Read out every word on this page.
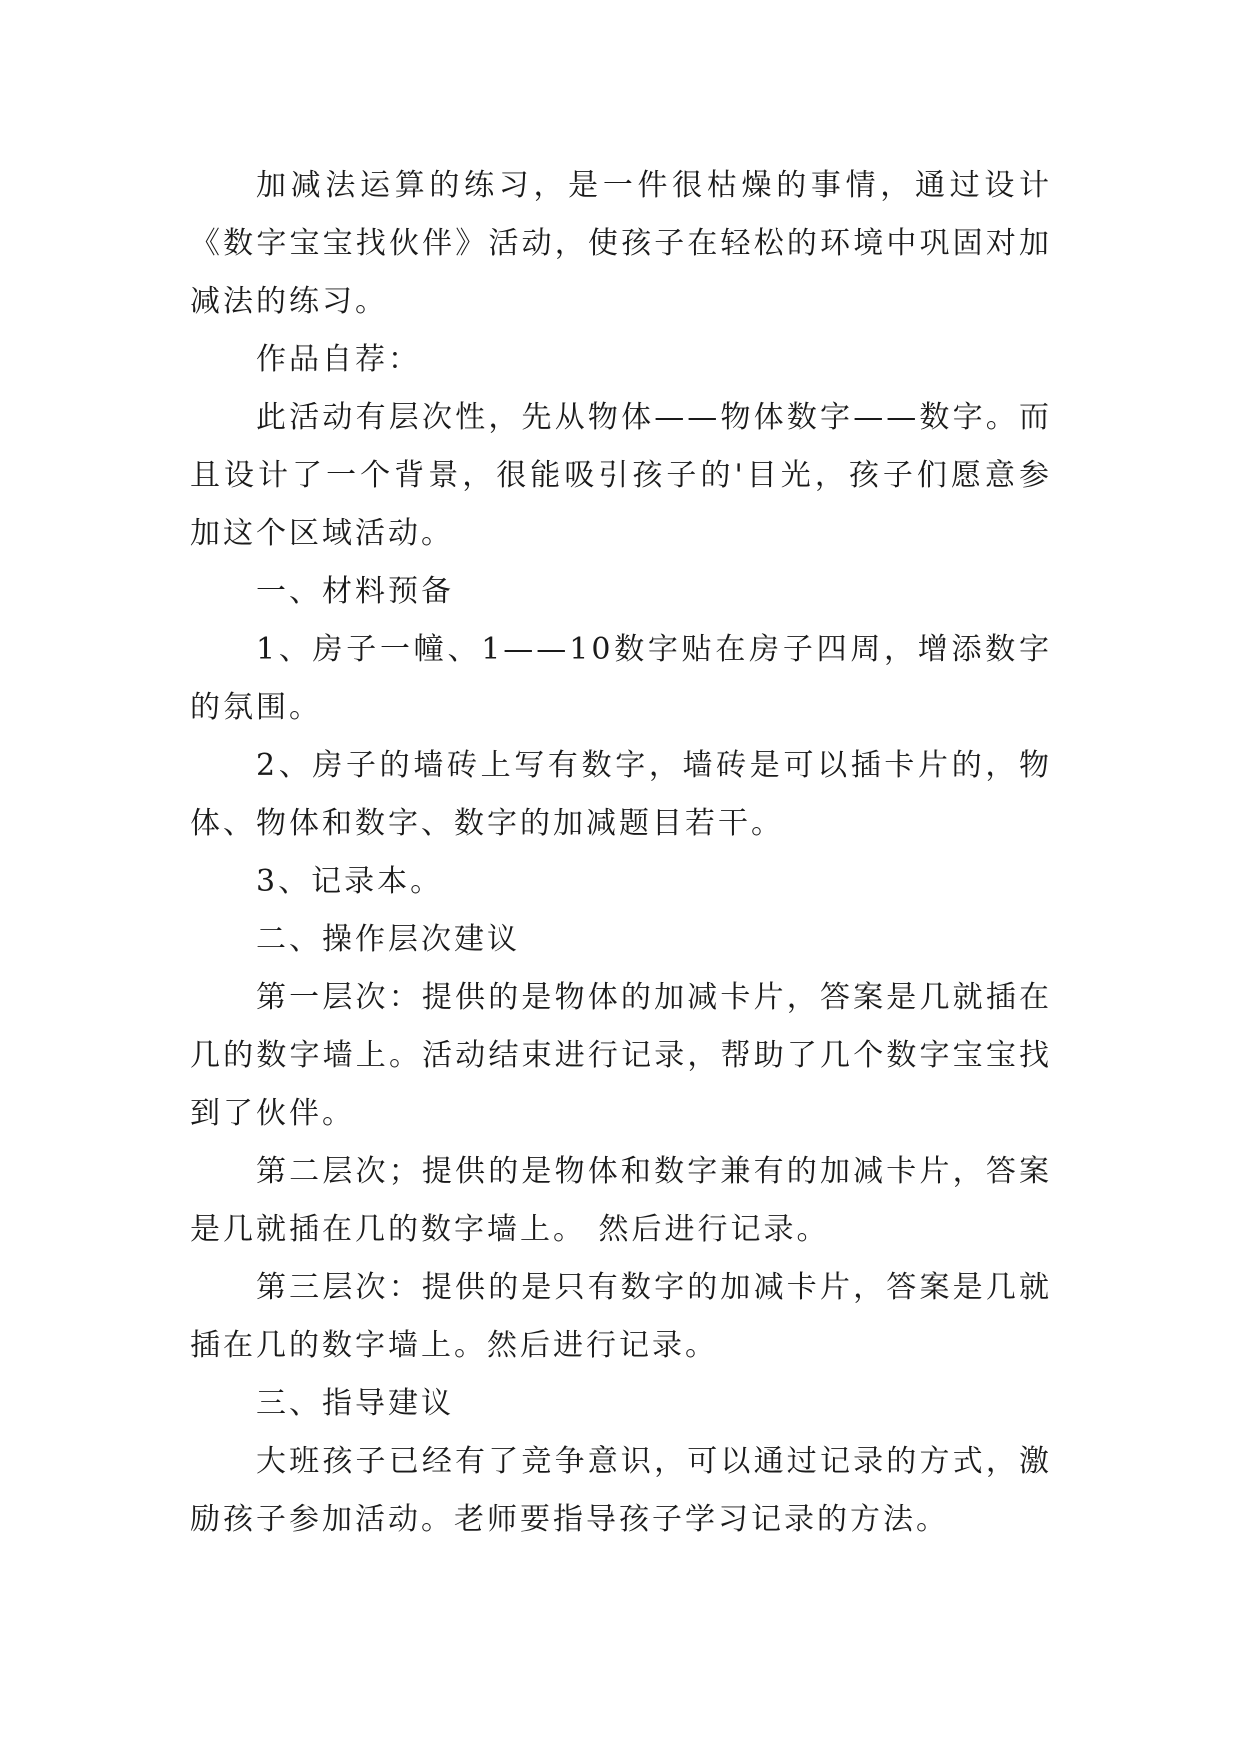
加减法运算的练习，是一件很枯燥的事情，通过设计《数字宝宝找伙伴》活动，使孩子在轻松的环境中巩固对加减法的练习。

作品自荐：

此活动有层次性，先从物体——物体数字——数字。而且设计了一个背景，很能吸引孩子的'目光，孩子们愿意参加这个区域活动。

一、材料预备

1、房子一幢、1——10数字贴在房子四周，增添数字的氛围。

2、房子的墙砖上写有数字，墙砖是可以插卡片的，物体、物体和数字、数字的加减题目若干。

3、记录本。

二、操作层次建议

第一层次：提供的是物体的加减卡片，答案是几就插在几的数字墙上。活动结束进行记录，帮助了几个数字宝宝找到了伙伴。

第二层次；提供的是物体和数字兼有的加减卡片，答案是几就插在几的数字墙上。 然后进行记录。

第三层次：提供的是只有数字的加减卡片，答案是几就插在几的数字墙上。然后进行记录。

三、指导建议

大班孩子已经有了竞争意识，可以通过记录的方式，激励孩子参加活动。老师要指导孩子学习记录的方法。
